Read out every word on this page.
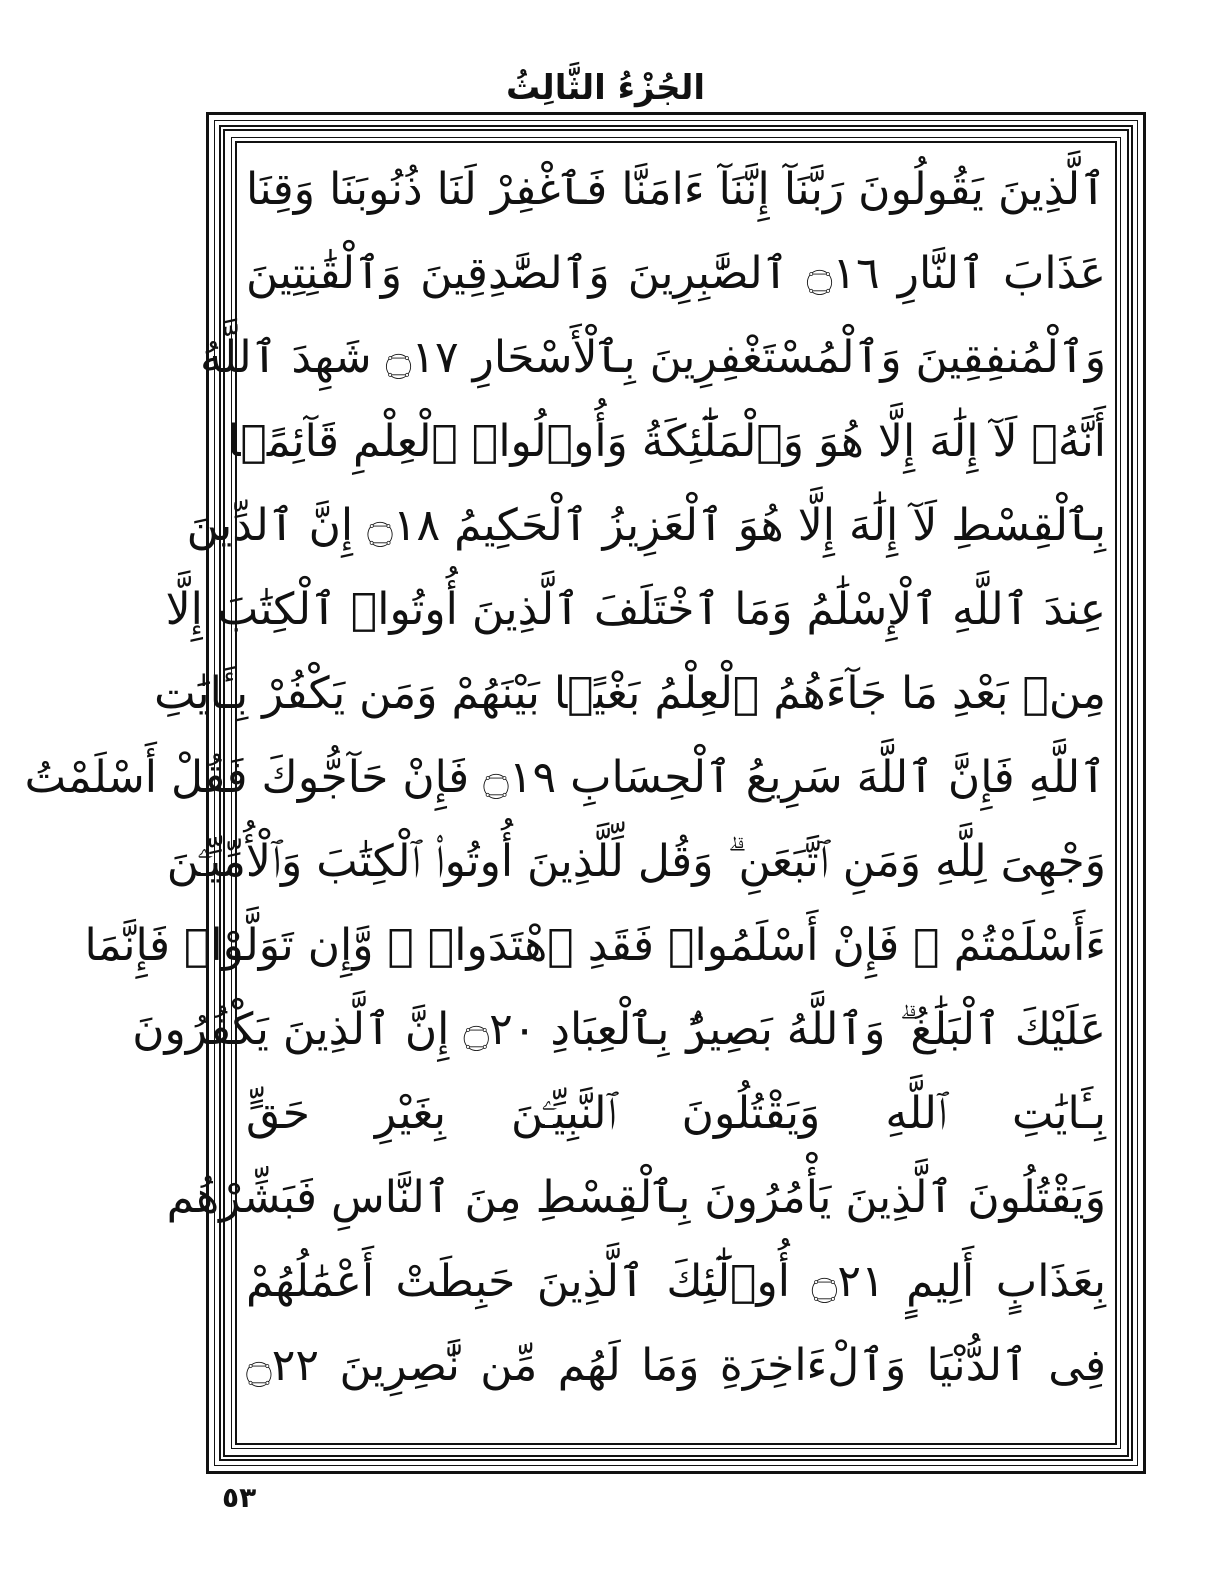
الجُزْءُ الثَّالِثُ
ٱلَّذِينَ يَقُولُونَ رَبَّنَآ إِنَّنَآ ءَامَنَّا فَٱغْفِرْ لَنَا ذُنُوبَنَا وَقِنَا
عَذَابَ ٱلنَّارِ ۝١٦ ٱلصَّٰبِرِينَ وَٱلصَّٰدِقِينَ وَٱلْقَٰنِتِينَ
وَٱلْمُنفِقِينَ وَٱلْمُسْتَغْفِرِينَ بِٱلْأَسْحَارِ ۝١٧ شَهِدَ ٱللَّهُ
أَنَّهُۥ لَآ إِلَٰهَ إِلَّا هُوَ وَٱلْمَلَٰٓئِكَةُ وَأُو۟لُوا۟ ٱلْعِلْمِ قَآئِمًۢا
بِٱلْقِسْطِ لَآ إِلَٰهَ إِلَّا هُوَ ٱلْعَزِيزُ ٱلْحَكِيمُ ۝١٨ إِنَّ ٱلدِّينَ
عِندَ ٱللَّهِ ٱلْإِسْلَٰمُ وَمَا ٱخْتَلَفَ ٱلَّذِينَ أُوتُوا۟ ٱلْكِتَٰبَ إِلَّا
مِنۢ بَعْدِ مَا جَآءَهُمُ ٱلْعِلْمُ بَغْيًۢا بَيْنَهُمْ وَمَن يَكْفُرْ بِـَٔايَٰتِ
ٱللَّهِ فَإِنَّ ٱللَّهَ سَرِيعُ ٱلْحِسَابِ ۝١٩ فَإِنْ حَآجُّوكَ فَقُلْ أَسْلَمْتُ
وَجْهِىَ لِلَّهِ وَمَنِ ٱتَّبَعَنِ ۗ وَقُل لِّلَّذِينَ أُوتُوا۟ ٱلْكِتَٰبَ وَٱلْأُمِّيِّـۧنَ
ءَأَسْلَمْتُمْ ۚ فَإِنْ أَسْلَمُوا۟ فَقَدِ ٱهْتَدَوا۟ ۖ وَّإِن تَوَلَّوْا۟ فَإِنَّمَا
عَلَيْكَ ٱلْبَلَٰغُ ۗ وَٱللَّهُ بَصِيرٌۢ بِٱلْعِبَادِ ۝٢٠ إِنَّ ٱلَّذِينَ يَكْفُرُونَ
بِـَٔايَٰتِ ٱللَّهِ وَيَقْتُلُونَ ٱلنَّبِيِّـۧنَ بِغَيْرِ حَقٍّ
وَيَقْتُلُونَ ٱلَّذِينَ يَأْمُرُونَ بِٱلْقِسْطِ مِنَ ٱلنَّاسِ فَبَشِّرْهُم
بِعَذَابٍ أَلِيمٍ ۝٢١ أُو۟لَٰٓئِكَ ٱلَّذِينَ حَبِطَتْ أَعْمَٰلُهُمْ
فِى ٱلدُّنْيَا وَٱلْءَاخِرَةِ وَمَا لَهُم مِّن نَّٰصِرِينَ ۝٢٢
٥٣
